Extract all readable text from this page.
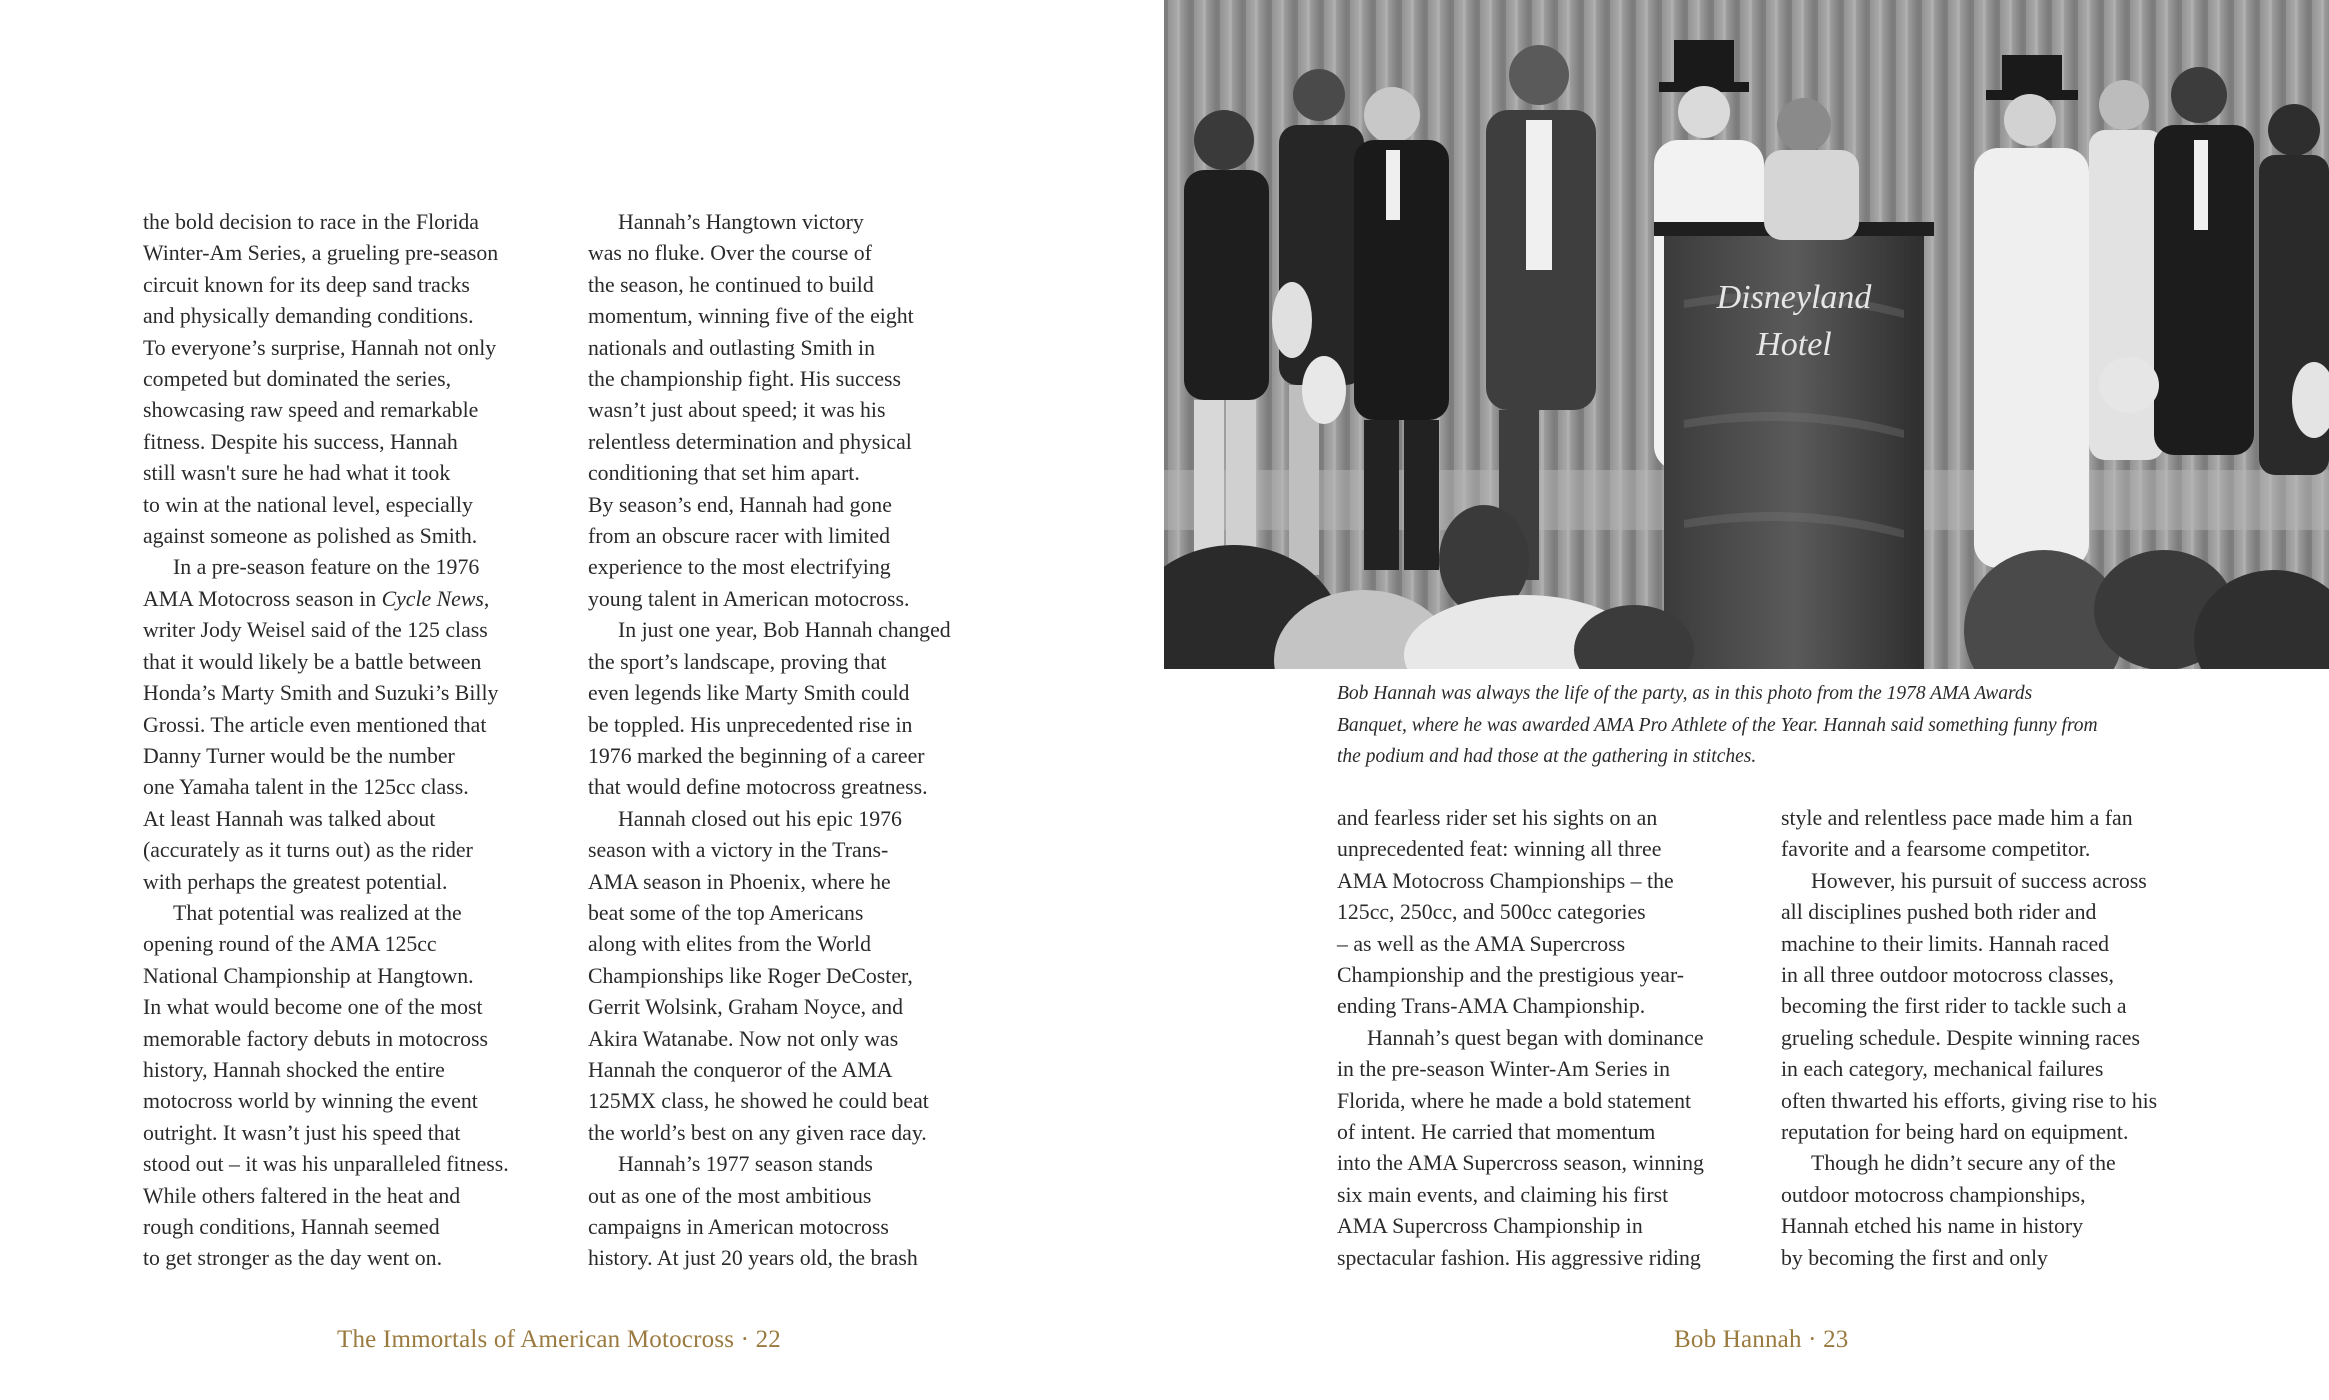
the bold decision to race in the Florida
Winter-Am Series, a grueling pre-season
circuit known for its deep sand tracks
and physically demanding conditions.
To everyone’s surprise, Hannah not only
competed but dominated the series,
showcasing raw speed and remarkable
fitness. Despite his success, Hannah
still wasn't sure he had what it took
to win at the national level, especially
against someone as polished as Smith.
In a pre-season feature on the 1976
AMA Motocross season in Cycle News,
writer Jody Weisel said of the 125 class
that it would likely be a battle between
Honda’s Marty Smith and Suzuki’s Billy
Grossi. The article even mentioned that
Danny Turner would be the number
one Yamaha talent in the 125cc class.
At least Hannah was talked about
(accurately as it turns out) as the rider
with perhaps the greatest potential.
That potential was realized at the
opening round of the AMA 125cc
National Championship at Hangtown.
In what would become one of the most
memorable factory debuts in motocross
history, Hannah shocked the entire
motocross world by winning the event
outright. It wasn’t just his speed that
stood out – it was his unparalleled fitness.
While others faltered in the heat and
rough conditions, Hannah seemed
to get stronger as the day went on.
Hannah’s Hangtown victory
was no fluke. Over the course of
the season, he continued to build
momentum, winning five of the eight
nationals and outlasting Smith in
the championship fight. His success
wasn’t just about speed; it was his
relentless determination and physical
conditioning that set him apart.
By season’s end, Hannah had gone
from an obscure racer with limited
experience to the most electrifying
young talent in American motocross.
In just one year, Bob Hannah changed
the sport’s landscape, proving that
even legends like Marty Smith could
be toppled. His unprecedented rise in
1976 marked the beginning of a career
that would define motocross greatness.
Hannah closed out his epic 1976
season with a victory in the Trans-
AMA season in Phoenix, where he
beat some of the top Americans
along with elites from the World
Championships like Roger DeCoster,
Gerrit Wolsink, Graham Noyce, and
Akira Watanabe. Now not only was
Hannah the conqueror of the AMA
125MX class, he showed he could beat
the world’s best on any given race day.
Hannah’s 1977 season stands
out as one of the most ambitious
campaigns in American motocross
history. At just 20 years old, the brash
The Immortals of American Motocross · 22
Disneyland
Hotel
Bob Hannah was always the life of the party, as in this photo from the 1978 AMA Awards
Banquet, where he was awarded AMA Pro Athlete of the Year. Hannah said something funny from
the podium and had those at the gathering in stitches.
and fearless rider set his sights on an
unprecedented feat: winning all three
AMA Motocross Championships – the
125cc, 250cc, and 500cc categories
– as well as the AMA Supercross
Championship and the prestigious year-
ending Trans-AMA Championship.
Hannah’s quest began with dominance
in the pre-season Winter-Am Series in
Florida, where he made a bold statement
of intent. He carried that momentum
into the AMA Supercross season, winning
six main events, and claiming his first
AMA Supercross Championship in
spectacular fashion. His aggressive riding
style and relentless pace made him a fan
favorite and a fearsome competitor.
However, his pursuit of success across
all disciplines pushed both rider and
machine to their limits. Hannah raced
in all three outdoor motocross classes,
becoming the first rider to tackle such a
grueling schedule. Despite winning races
in each category, mechanical failures
often thwarted his efforts, giving rise to his
reputation for being hard on equipment.
Though he didn’t secure any of the
outdoor motocross championships,
Hannah etched his name in history
by becoming the first and only
Bob Hannah · 23
